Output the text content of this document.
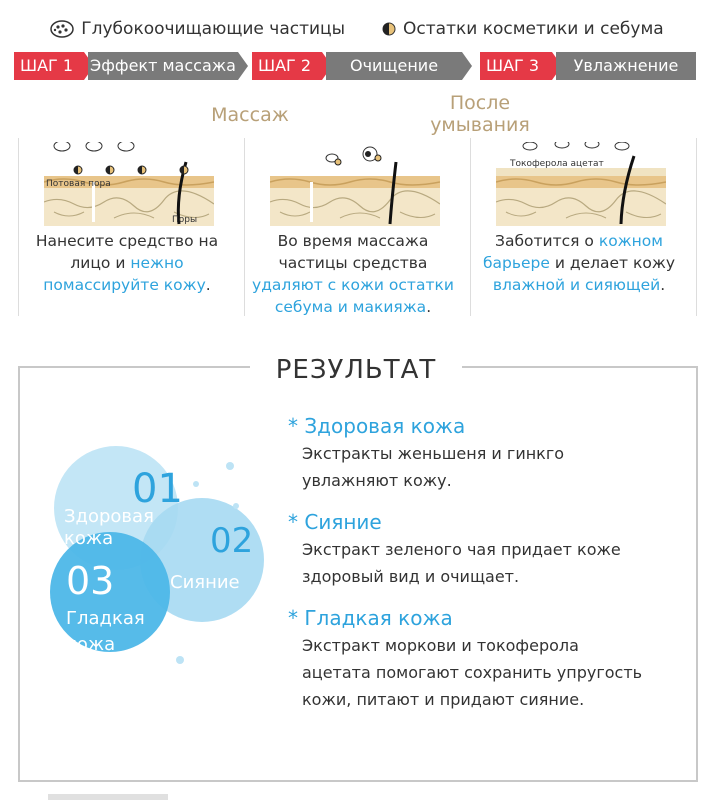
Глубокоочищающие частицы	Остатки косметики и себума
ШАГ 1	Эффект массажа	ШАГ 2	Очищение	ШАГ 3	Увлажнение
Массаж
После
умывания
Потовая пора
Поры
Нанесите средство на лицо и нежно помассируйте кожу.
Во время массажа частицы средства удаляют с кожи остатки себума и макияжа.
Токоферола ацетат
Заботится о кожном барьере и делает кожу влажной и сияющей.
РЕЗУЛЬТАТ
01
Здоровая
кожа	02
Сияние
03
Гладкая
кожа
* Здоровая кожа
Экстракты женьшеня и гинкго
увлажняют кожу.
* Сияние
Экстракт зеленого чая придает коже
здоровый вид и очищает.
* Гладкая кожа
Экстракт моркови и токоферола
ацетата помогают сохранить упругость
кожи, питают и придают сияние.
